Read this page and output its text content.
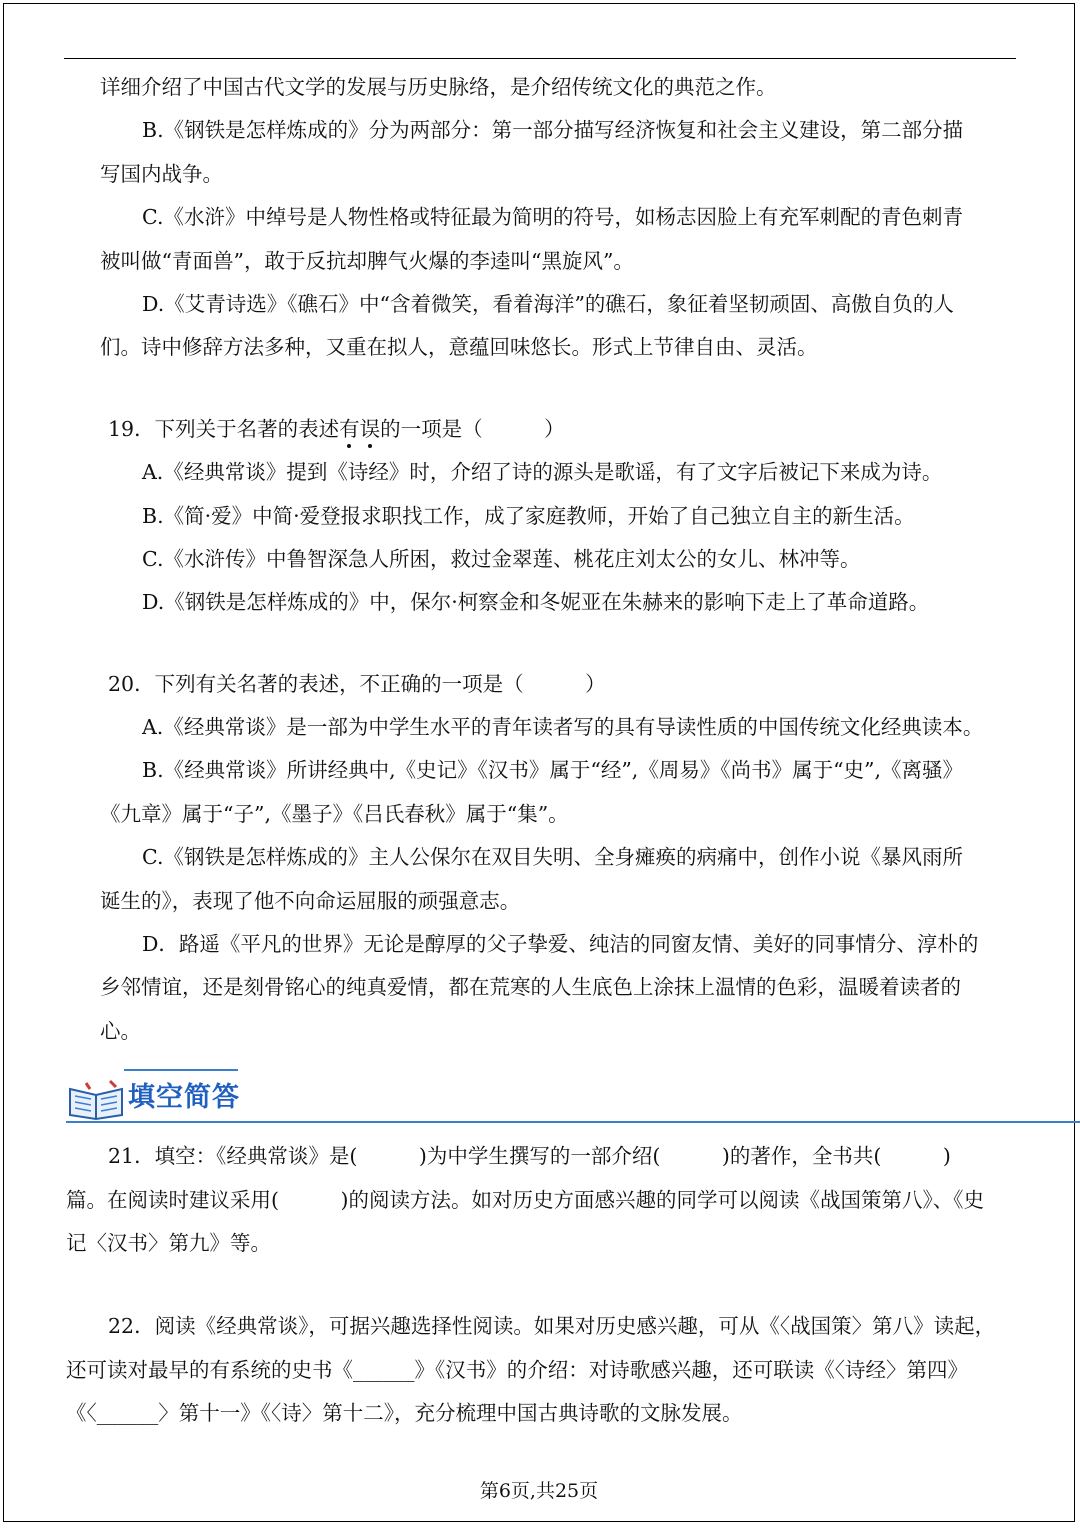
详细介绍了中国古代文学的发展与历史脉络，是介绍传统文化的典范之作。
B.《钢铁是怎样炼成的》分为两部分：第一部分描写经济恢复和社会主义建设，第二部分描
写国内战争。
C.《水浒》中绰号是人物性格或特征最为简明的符号，如杨志因脸上有充军刺配的青色刺青
被叫做“青面兽”，敢于反抗却脾气火爆的李逵叫“黑旋风”。
D.《艾青诗选》《礁石》中“含着微笑，看着海洋”的礁石，象征着坚韧顽固、高傲自负的人
们。诗中修辞方法多种，又重在拟人，意蕴回味悠长。形式上节律自由、灵活。
19．下列关于名著的表述有误的一项是（　　　）
A.《经典常谈》提到《诗经》时，介绍了诗的源头是歌谣，有了文字后被记下来成为诗。
B.《简·爱》中简·爱登报求职找工作，成了家庭教师，开始了自己独立自主的新生活。
C.《水浒传》中鲁智深急人所困，救过金翠莲、桃花庄刘太公的女儿、林冲等。
D.《钢铁是怎样炼成的》中，保尔·柯察金和冬妮亚在朱赫来的影响下走上了革命道路。
20．下列有关名著的表述，不正确的一项是（　　　）
A.《经典常谈》是一部为中学生水平的青年读者写的具有导读性质的中国传统文化经典读本。
B.《经典常谈》所讲经典中,《史记》《汉书》属于“经”,《周易》《尚书》属于“史”,《离骚》
《九章》属于“子”,《墨子》《吕氏春秋》属于“集”。
C.《钢铁是怎样炼成的》主人公保尔在双目失明、全身瘫痪的病痛中，创作小说《暴风雨所
诞生的》，表现了他不向命运屈服的顽强意志。
D．路遥《平凡的世界》无论是醇厚的父子挚爱、纯洁的同窗友情、美好的同事情分、淳朴的
乡邻情谊，还是刻骨铭心的纯真爱情，都在荒寒的人生底色上涂抹上温情的色彩，温暖着读者的
心。
填空简答
21．填空：《经典常谈》是(　　　)为中学生撰写的一部介绍(　　　)的著作，全书共(　　　)
篇。在阅读时建议采用(　　　)的阅读方法。如对历史方面感兴趣的同学可以阅读《战国策第八》、《史
记〈汉书〉第九》等。
22．阅读《经典常谈》，可据兴趣选择性阅读。如果对历史感兴趣，可从《〈战国策〉第八》读起，
还可读对最早的有系统的史书《______》《汉书》的介绍：对诗歌感兴趣，还可联读《〈诗经〉第四》
《〈______〉第十一》《〈诗〉第十二》，充分梳理中国古典诗歌的文脉发展。
第6页,共25页
